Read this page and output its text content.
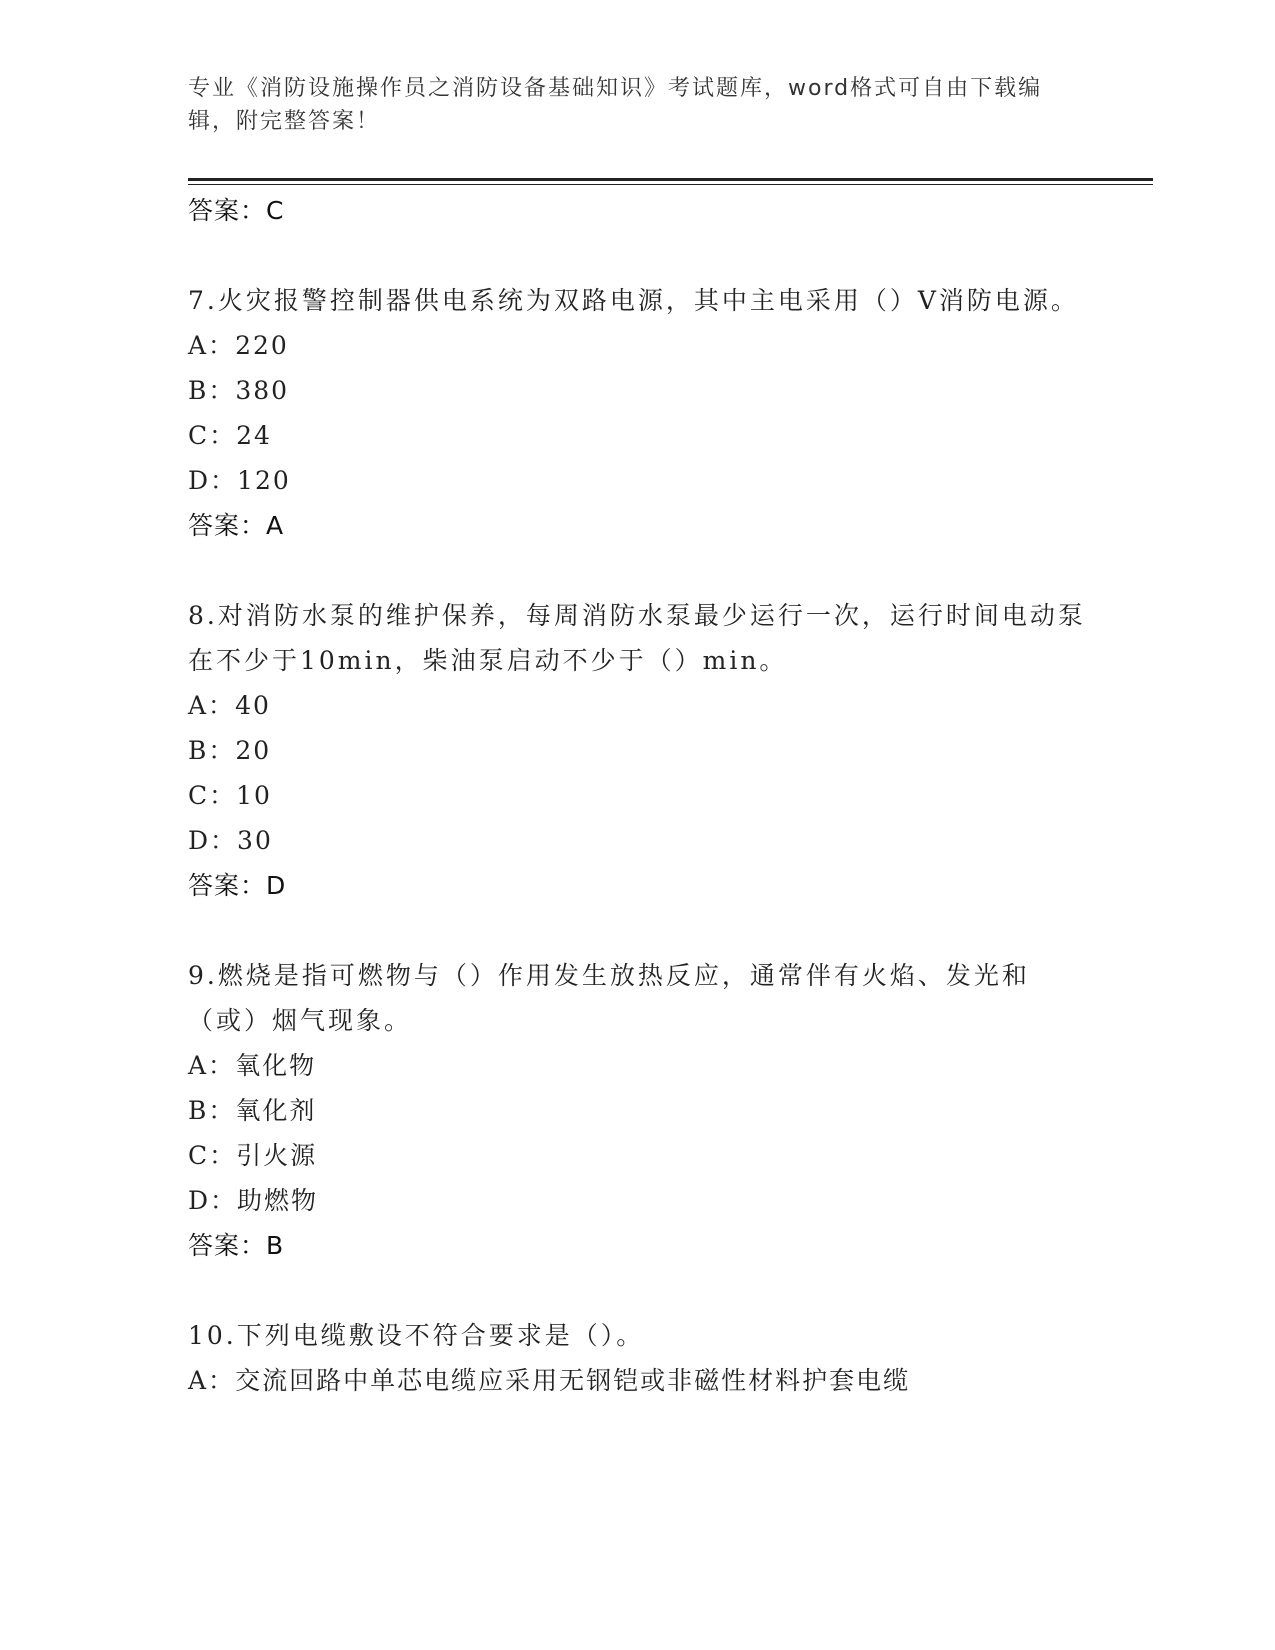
专业《消防设施操作员之消防设备基础知识》考试题库，word格式可自由下载编辑，附完整答案！
答案：C
7.火灾报警控制器供电系统为双路电源，其中主电采用（）V消防电源。
A：220
B：380
C：24
D：120
答案：A
8.对消防水泵的维护保养，每周消防水泵最少运行一次，运行时间电动泵在不少于10min，柴油泵启动不少于（）min。
A：40
B：20
C：10
D：30
答案：D
9.燃烧是指可燃物与（）作用发生放热反应，通常伴有火焰、发光和（或）烟气现象。
A：氧化物
B：氧化剂
C：引火源
D：助燃物
答案：B
10.下列电缆敷设不符合要求是（）。
A：交流回路中单芯电缆应采用无钢铠或非磁性材料护套电缆
